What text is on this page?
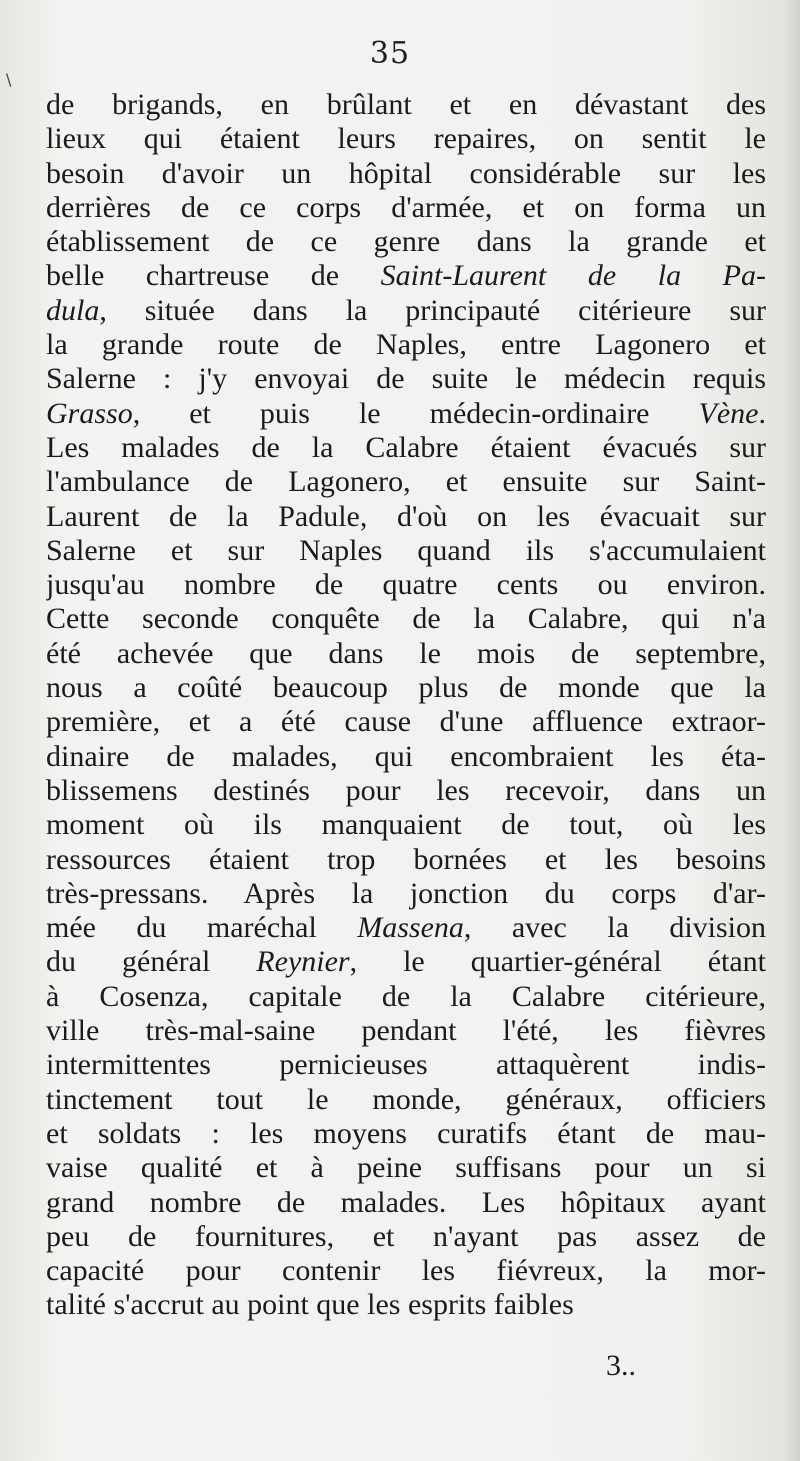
\
35
de brigands, en brûlant et en dévastant des
lieux qui étaient leurs repaires, on sentit le
besoin d'avoir un hôpital considérable sur les
derrières de ce corps d'armée, et on forma un
établissement de ce genre dans la grande et
belle chartreuse de Saint-Laurent de la Pa-
dula, située dans la principauté citérieure sur
la grande route de Naples, entre Lagonero et
Salerne : j'y envoyai de suite le médecin requis
Grasso, et puis le médecin-ordinaire Vène.
Les malades de la Calabre étaient évacués sur
l'ambulance de Lagonero, et ensuite sur Saint-
Laurent de la Padule, d'où on les évacuait sur
Salerne et sur Naples quand ils s'accumulaient
jusqu'au nombre de quatre cents ou environ.
Cette seconde conquête de la Calabre, qui n'a
été achevée que dans le mois de septembre,
nous a coûté beaucoup plus de monde que la
première, et a été cause d'une affluence extraor-
dinaire de malades, qui encombraient les éta-
blissemens destinés pour les recevoir, dans un
moment où ils manquaient de tout, où les
ressources étaient trop bornées et les besoins
très-pressans. Après la jonction du corps d'ar-
mée du maréchal Massena, avec la division
du général Reynier, le quartier-général étant
à Cosenza, capitale de la Calabre citérieure,
ville très-mal-saine pendant l'été, les fièvres
intermittentes pernicieuses attaquèrent indis-
tinctement tout le monde, généraux, officiers
et soldats : les moyens curatifs étant de mau-
vaise qualité et à peine suffisans pour un si
grand nombre de malades. Les hôpitaux ayant
peu de fournitures, et n'ayant pas assez de
capacité pour contenir les fiévreux, la mor-
talité s'accrut au point que les esprits faibles
3..
